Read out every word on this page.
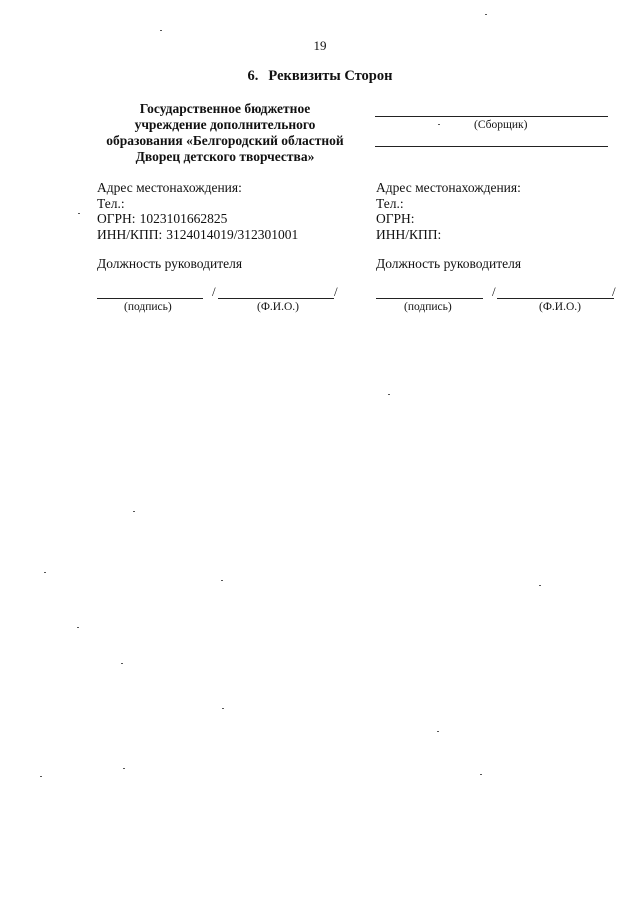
19
6. Реквизиты Сторон
Государственное бюджетное
учреждение дополнительного
образования «Белгородский областной
Дворец детского творчества»
Адрес местонахождения:
Тел.:
ОГРН: 1023101662825
ИНН/КПП: 3124014019/312301001
Должность руководителя
/	/
(подпись)	(Ф.И.О.)
(Сборщик)
Адрес местонахождения:
Тел.:
ОГРН:
ИНН/КПП:
Должность руководителя
/	/
(подпись)	(Ф.И.О.)
